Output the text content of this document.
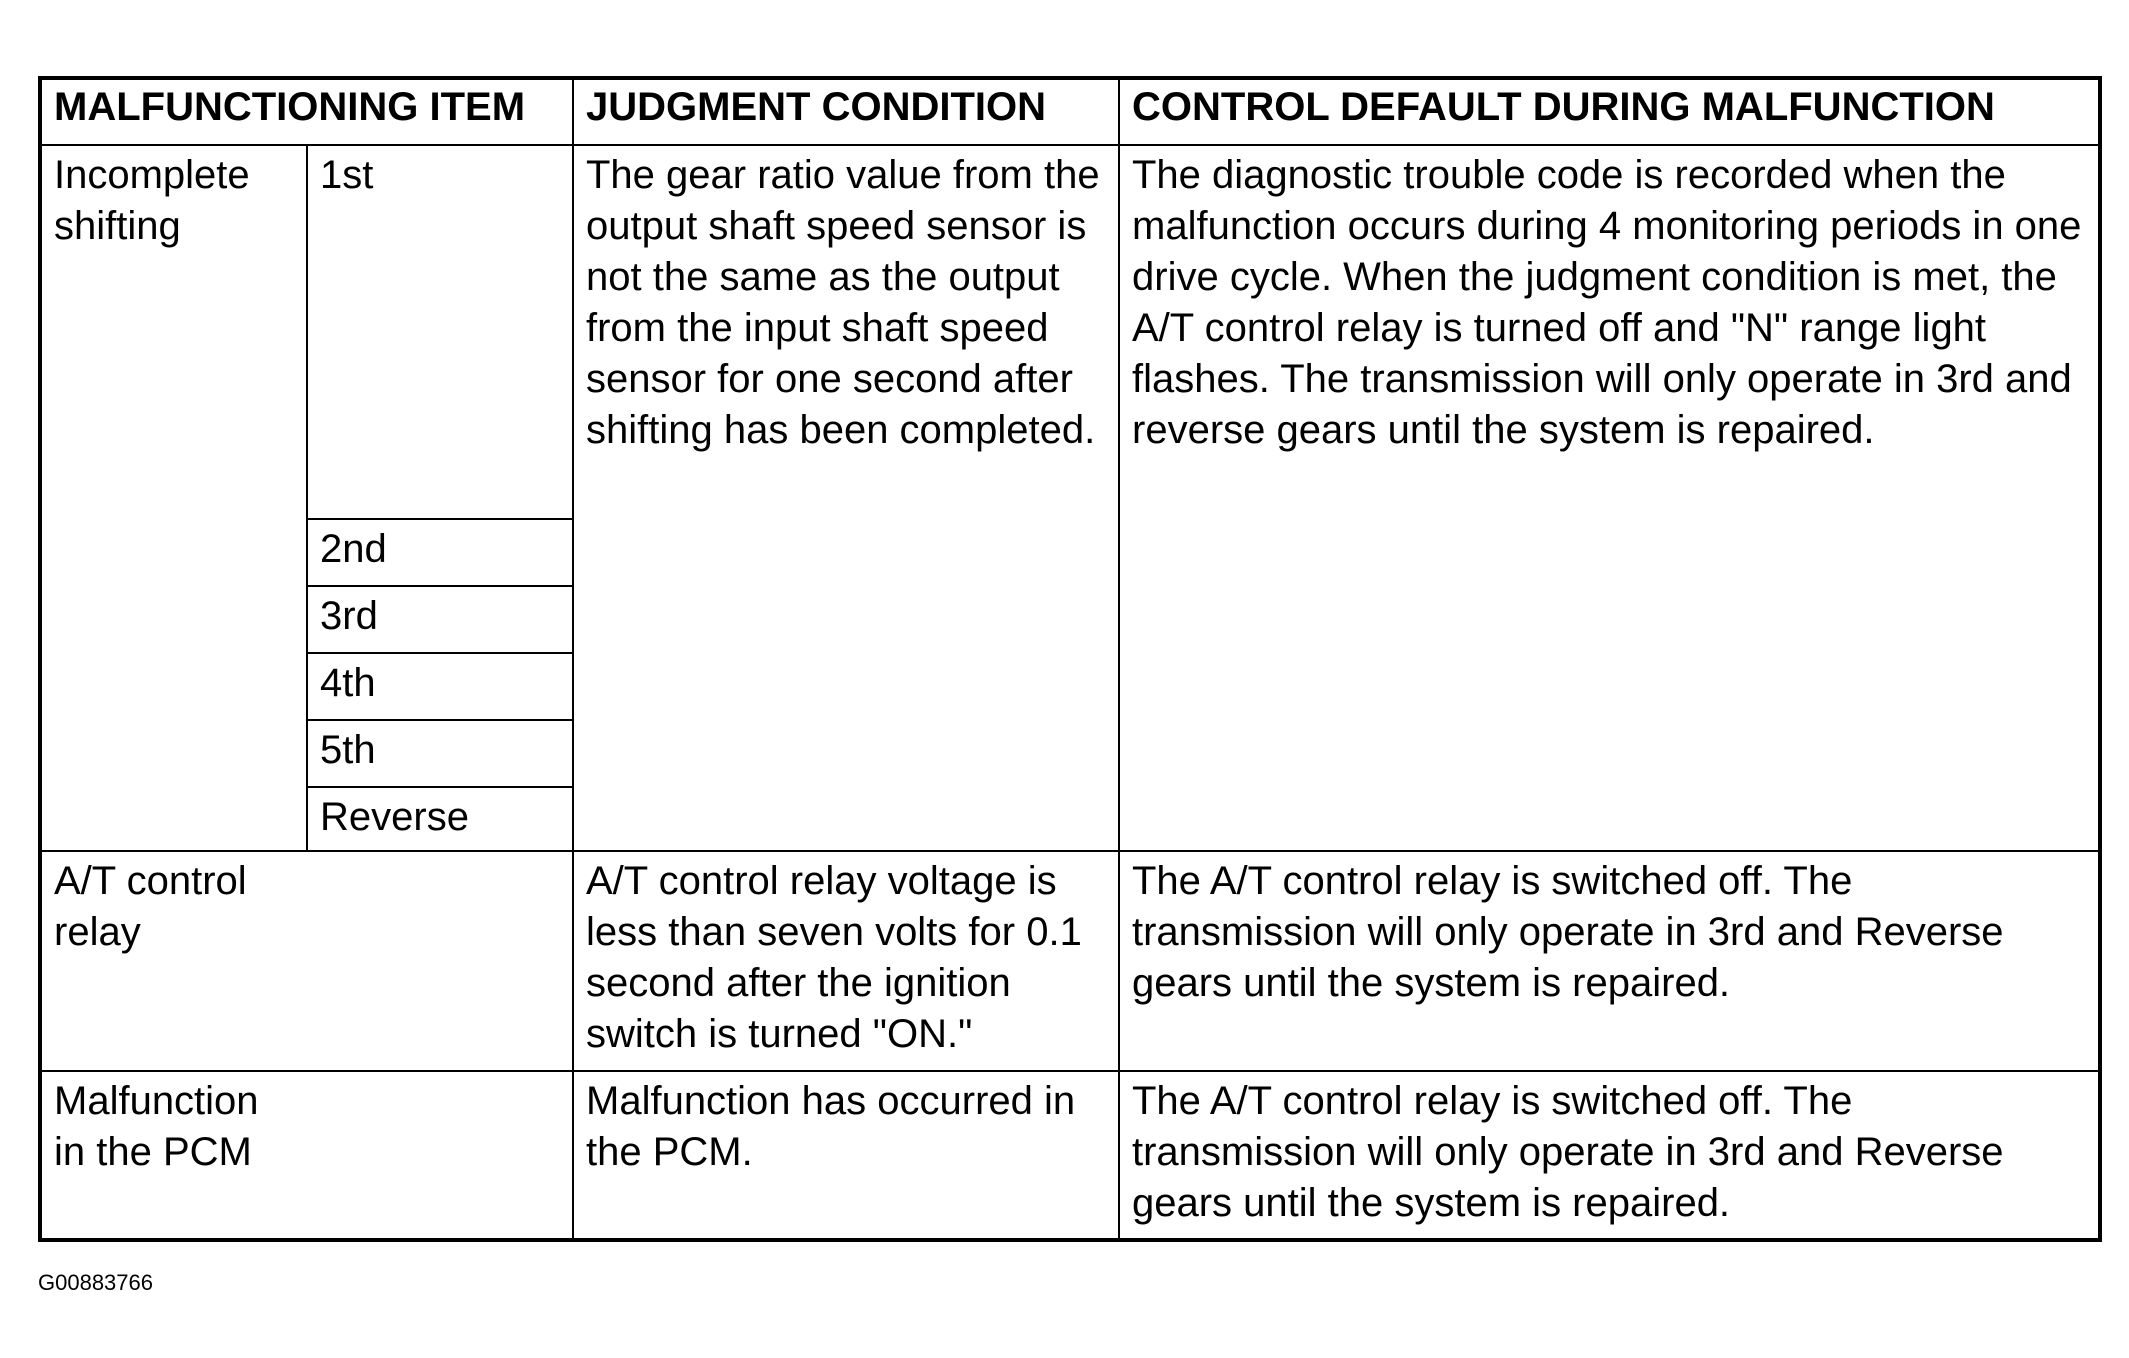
MALFUNCTIONING ITEM	JUDGMENT CONDITION	CONTROL DEFAULT DURING MALFUNCTION
Incomplete shifting
1st
2nd
3rd
4th
5th
Reverse
The gear ratio value from the output shaft speed sensor is not the same as the output from the input shaft speed sensor for one second after shifting has been completed.
The diagnostic trouble code is recorded when the malfunction occurs during 4 monitoring periods in one drive cycle. When the judgment condition is met, the A/T control relay is turned off and "N" range light flashes. The transmission will only operate in 3rd and reverse gears until the system is repaired.
A/T control relay
A/T control relay voltage is less than seven volts for 0.1 second after the ignition switch is turned "ON."
The A/T control relay is switched off. The transmission will only operate in 3rd and Reverse gears until the system is repaired.
Malfunction in the PCM
Malfunction has occurred in the PCM.
The A/T control relay is switched off. The transmission will only operate in 3rd and Reverse gears until the system is repaired.
G00883766
